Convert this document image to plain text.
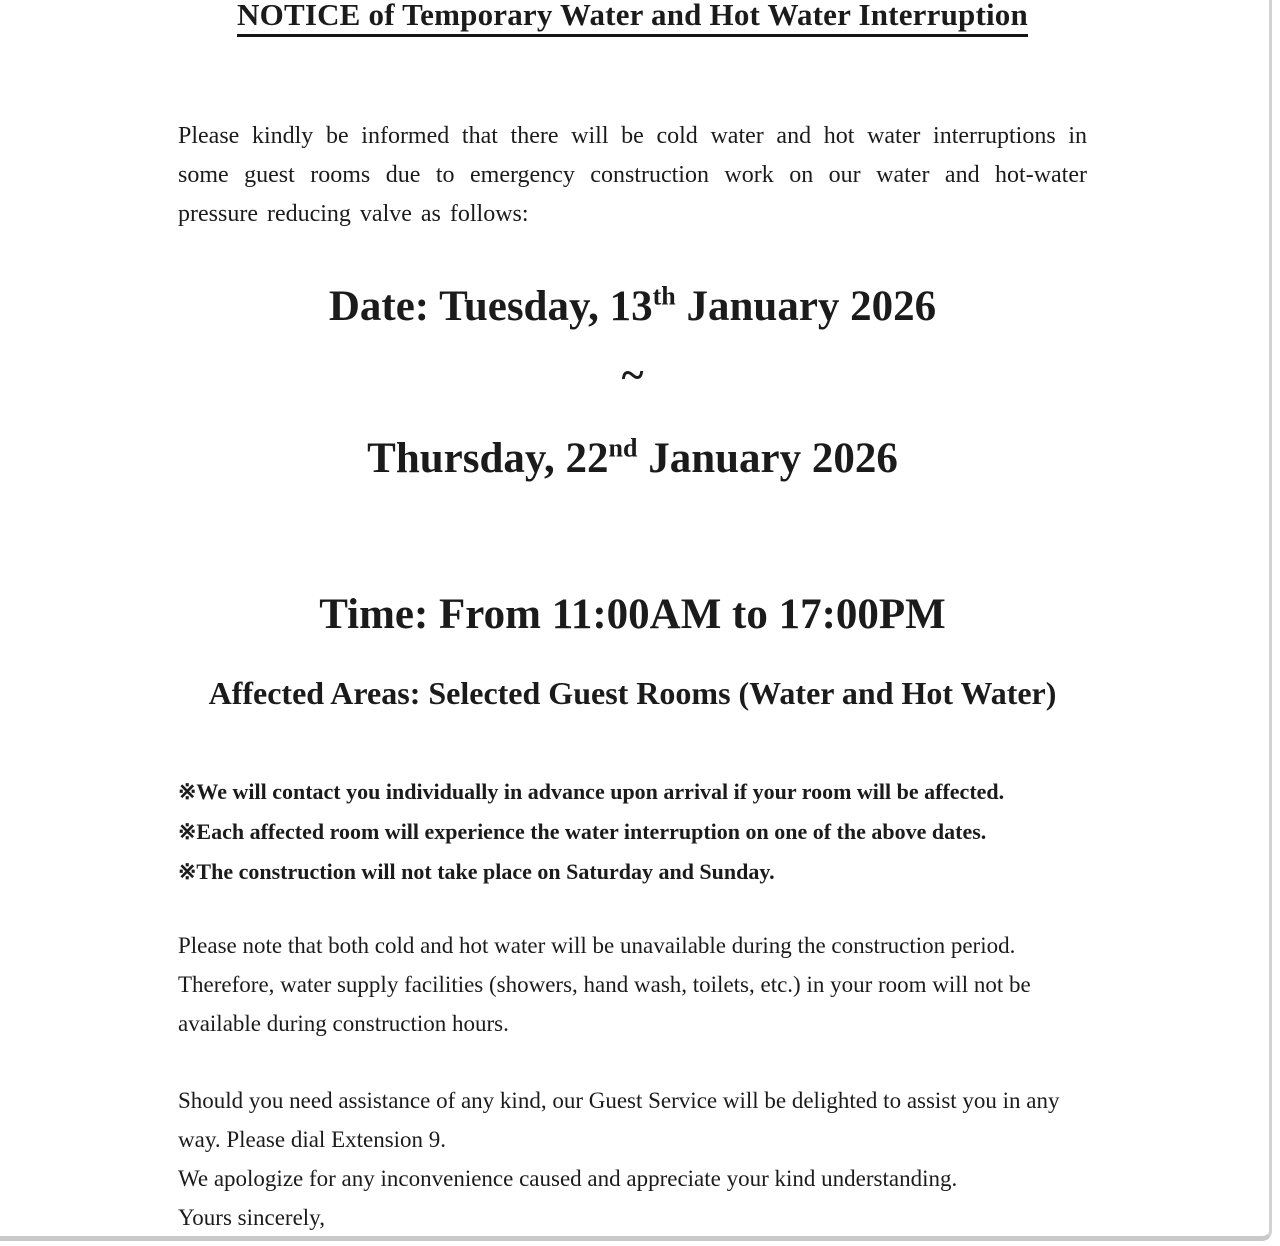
NOTICE of Temporary Water and Hot Water Interruption

Please kindly be informed that there will be cold water and hot water interruptions in some guest rooms due to emergency construction work on our water and hot-water pressure reducing valve as follows:

Date: Tuesday, 13th January 2026
~
Thursday, 22nd January 2026
Time: From 11:00AM to 17:00PM
Affected Areas: Selected Guest Rooms (Water and Hot Water)

※We will contact you individually in advance upon arrival if your room will be affected.

※Each affected room will experience the water interruption on one of the above dates.

※The construction will not take place on Saturday and Sunday.

Please note that both cold and hot water will be unavailable during the construction period. Therefore, water supply facilities (showers, hand wash, toilets, etc.) in your room will not be available during construction hours.

Should you need assistance of any kind, our Guest Service will be delighted to assist you in any way. Please dial Extension 9.

We apologize for any inconvenience caused and appreciate your kind understanding.

Yours sincerely,
